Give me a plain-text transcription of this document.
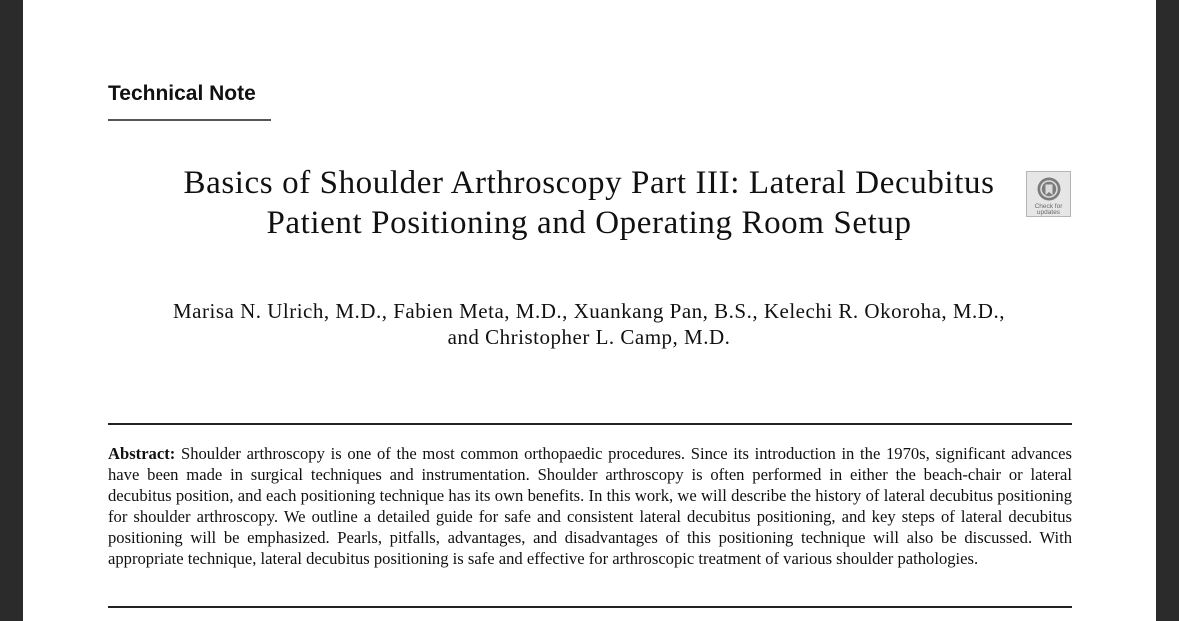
Technical Note
Basics of Shoulder Arthroscopy Part III: Lateral Decubitus Patient Positioning and Operating Room Setup	Check for updates
Marisa N. Ulrich, M.D., Fabien Meta, M.D., Xuankang Pan, B.S., Kelechi R. Okoroha, M.D.,
and Christopher L. Camp, M.D.
Abstract: Shoulder arthroscopy is one of the most common orthopaedic procedures. Since its introduction in the 1970s, significant advances have been made in surgical techniques and instrumentation. Shoulder arthroscopy is often performed in either the beach-chair or lateral decubitus position, and each positioning technique has its own benefits. In this work, we will describe the history of lateral decubitus positioning for shoulder arthroscopy. We outline a detailed guide for safe and consistent lateral decubitus positioning, and key steps of lateral decubitus positioning will be emphasized. Pearls, pitfalls, advantages, and disadvantages of this positioning technique will also be discussed. With appropriate technique, lateral decubitus positioning is safe and effective for arthroscopic treatment of various shoulder pathologies.
